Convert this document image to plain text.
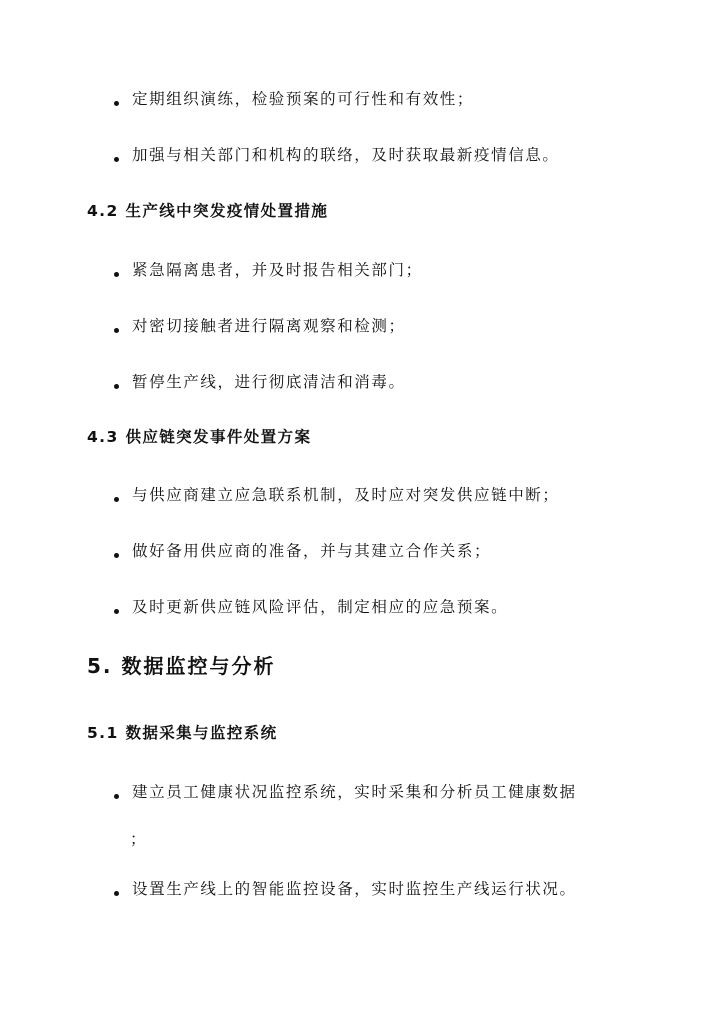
定期组织演练，检验预案的可行性和有效性；
加强与相关部门和机构的联络，及时获取最新疫情信息。
4.2 生产线中突发疫情处置措施
紧急隔离患者，并及时报告相关部门；
对密切接触者进行隔离观察和检测；
暂停生产线，进行彻底清洁和消毒。
4.3 供应链突发事件处置方案
与供应商建立应急联系机制，及时应对突发供应链中断；
做好备用供应商的准备，并与其建立合作关系；
及时更新供应链风险评估，制定相应的应急预案。
5. 数据监控与分析
5.1 数据采集与监控系统
建立员工健康状况监控系统，实时采集和分析员工健康数据
；
设置生产线上的智能监控设备，实时监控生产线运行状况。
